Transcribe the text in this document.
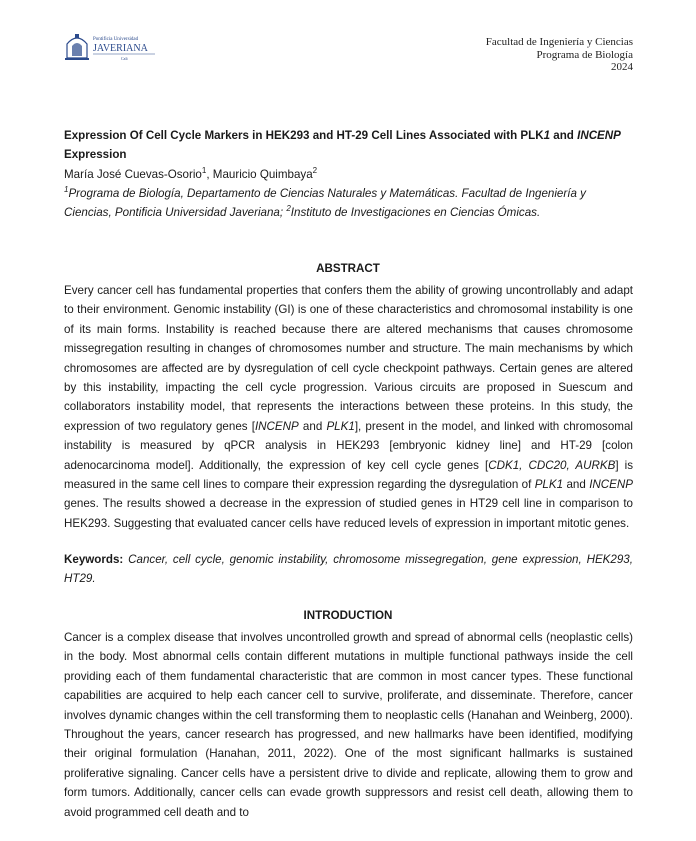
Pontificia Universidad
JAVERIANA
Cali
Facultad de Ingeniería y Ciencias
Programa de Biología
2024
Expression Of Cell Cycle Markers in HEK293 and HT-29 Cell Lines Associated with PLK1 and INCENP Expression
María José Cuevas-Osorio$^1$, Mauricio Quimbaya$^2$
$^1$Programa de Biología, Departamento de Ciencias Naturales y Matemáticas. Facultad de Ingeniería y Ciencias, Pontificia Universidad Javeriana; $^2$Instituto de Investigaciones en Ciencias Ómicas.
ABSTRACT
Every cancer cell has fundamental properties that confers them the ability of growing uncontrollably and adapt to their environment. Genomic instability (GI) is one of these characteristics and chromosomal instability is one of its main forms. Instability is reached because there are altered mechanisms that causes chromosome missegregation resulting in changes of chromosomes number and structure. The main mechanisms by which chromosomes are affected are by dysregulation of cell cycle checkpoint pathways. Certain genes are altered by this instability, impacting the cell cycle progression. Various circuits are proposed in Suescum and collaborators instability model, that represents the interactions between these proteins. In this study, the expression of two regulatory genes [INCENP and PLK1], present in the model, and linked with chromosomal instability is measured by qPCR analysis in HEK293 [embryonic kidney line] and HT-29 [colon adenocarcinoma model]. Additionally, the expression of key cell cycle genes [CDK1, CDC20, AURKB] is measured in the same cell lines to compare their expression regarding the dysregulation of PLK1 and INCENP genes. The results showed a decrease in the expression of studied genes in HT29 cell line in comparison to HEK293. Suggesting that evaluated cancer cells have reduced levels of expression in important mitotic genes.
Keywords: Cancer, cell cycle, genomic instability, chromosome missegregation, gene expression, HEK293, HT29.
INTRODUCTION
Cancer is a complex disease that involves uncontrolled growth and spread of abnormal cells (neoplastic cells) in the body. Most abnormal cells contain different mutations in multiple functional pathways inside the cell providing each of them fundamental characteristic that are common in most cancer types. These functional capabilities are acquired to help each cancer cell to survive, proliferate, and disseminate. Therefore, cancer involves dynamic changes within the cell transforming them to neoplastic cells (Hanahan and Weinberg, 2000). Throughout the years, cancer research has progressed, and new hallmarks have been identified, modifying their original formulation (Hanahan, 2011, 2022). One of the most significant hallmarks is sustained proliferative signaling. Cancer cells have a persistent drive to divide and replicate, allowing them to grow and form tumors. Additionally, cancer cells can evade growth suppressors and resist cell death, allowing them to avoid programmed cell death and to
